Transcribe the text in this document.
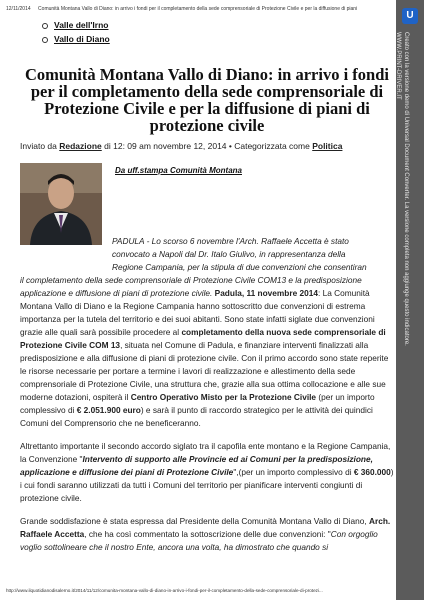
12/11/2014 Comunità Montana Vallo di Diano: in arrivo i fondi per il completamento della sede comprensoriale di Protezione Civile e per la diffusione di piani
Valle dell'Irno
Vallo di Diano
Comunità Montana Vallo di Diano: in arrivo i fondi per il completamento della sede comprensoriale di Protezione Civile e per la diffusione di piani di protezione civile
Inviato da Redazione di 12: 09 am novembre 12, 2014 • Categorizzata come Politica
Da uff.stampa Comunità Montana

PADULA - Lo scorso 6 novembre l'Arch. Raffaele Accetta è stato
convocato a Napoli dal Dr. Italo Giulivo, in rappresentanza della
Regione Campania, per la stipula di due convenzioni che consentiran
il completamento della sede comprensoriale di Protezione Civile COM13 e la predisposizione applicazione e diffusione di piani di protezione civile. Padula, 11 novembre 2014: La Comunità Montana Vallo di Diano e la Regione Campania hanno sottoscritto due convenzioni di estrema importanza per la tutela del territorio e dei suoi abitanti. Sono state infatti siglate due convenzioni grazie alle quali sarà possibile procedere al completamento della nuova sede comprensoriale di Protezione Civile COM 13, situata nel Comune di Padula, e finanziare interventi finalizzati alla predisposizione e alla diffusione di piani di protezione civile. Con il primo accordo sono state reperite le risorse necessarie per portare a termine i lavori di realizzazione e allestimento della sede comprensoriale di Protezione Civile, una struttura che, grazie alla sua ottima collocazione e alle sue moderne dotazioni, ospiterà il Centro Operativo Misto per la Protezione Civile (per un importo complessivo di € 2.051.900 euro) e sarà il punto di raccordo strategico per le attività dei quindici Comuni del Comprensorio che ne beneficeranno.

Altrettanto importante il secondo accordo siglato tra il capofila ente montano e la Regione Campania, la Convenzione "Intervento di supporto alle Provincie ed ai Comuni per la predisposizione, applicazione e diffusione dei piani di Protezione Civile",(per un importo complessivo di € 360.000) i cui fondi saranno utilizzati da tutti i Comuni del territorio per pianificare interventi congiunti di protezione civile.

Grande soddisfazione è stata espressa dal Presidente della Comunità Montana Vallo di Diano, Arch. Raffaele Accetta, che ha così commentato la sottoscrizione delle due convenzioni: "Con orgoglio voglio sottolineare che il nostro Ente, ancora una volta, ha dimostrato che quando si

http://www.ilquotidianodisalerno.it/2014/11/12/comunita-montana-vallo-di-diano-in-arrivo-i-fondi-per-il-completamento-della-sede-comprensoriale-di-protezi...
U
Creato con la versione demo di Universal Document Converter. La versione completa non aggiunge questo indicatore.
WWW.PRINT-DRIVER.IT
